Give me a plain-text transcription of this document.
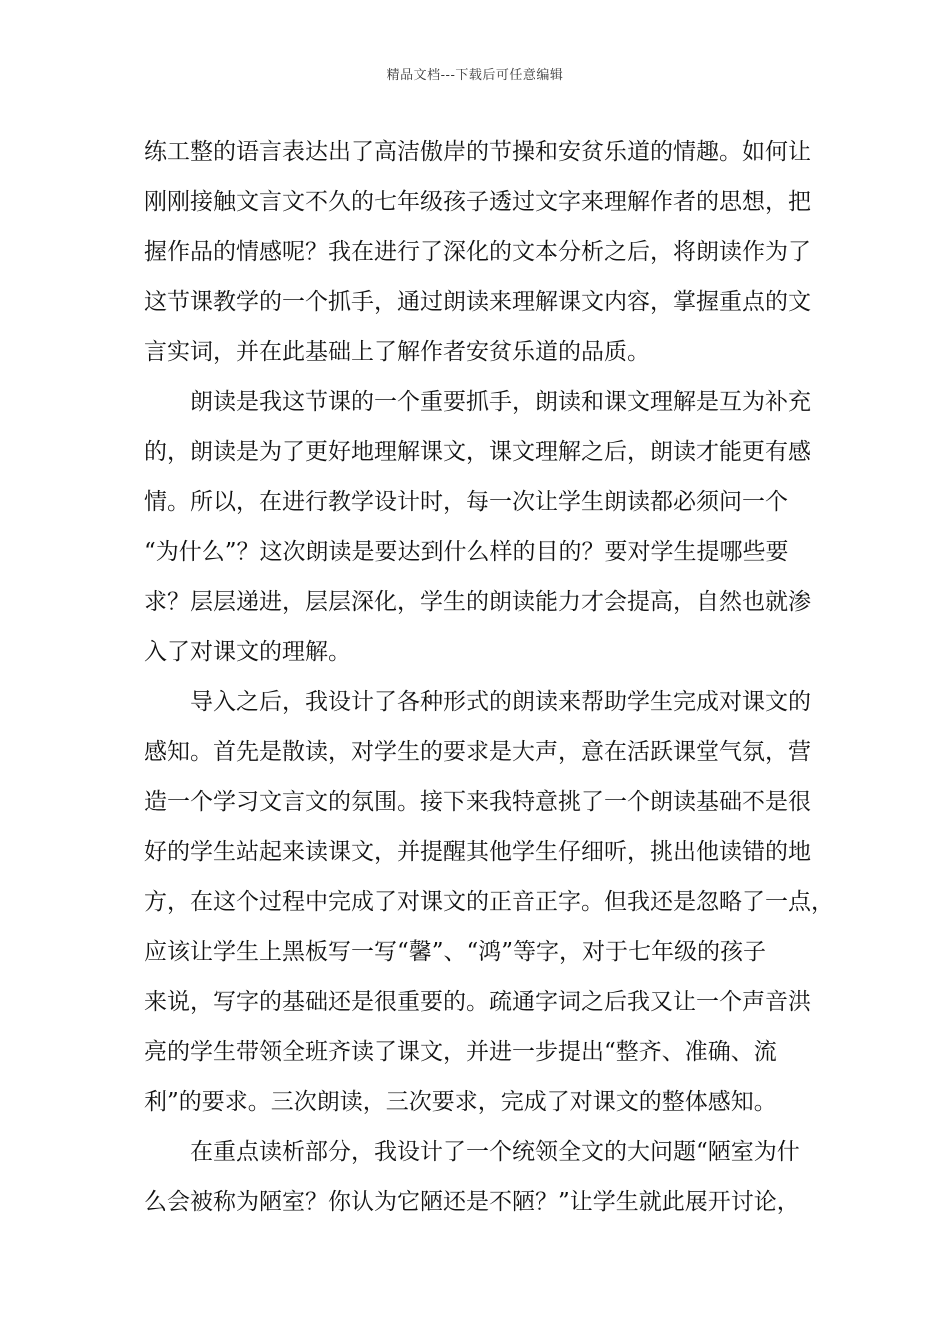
精品文档---下载后可任意编辑
练工整的语言表达出了高洁傲岸的节操和安贫乐道的情趣。如何让
刚刚接触文言文不久的七年级孩子透过文字来理解作者的思想，把
握作品的情感呢？我在进行了深化的文本分析之后，将朗读作为了
这节课教学的一个抓手，通过朗读来理解课文内容，掌握重点的文
言实词，并在此基础上了解作者安贫乐道的品质。
朗读是我这节课的一个重要抓手，朗读和课文理解是互为补充
的，朗读是为了更好地理解课文，课文理解之后，朗读才能更有感
情。所以，在进行教学设计时，每一次让学生朗读都必须问一个
“为什么”？这次朗读是要达到什么样的目的？要对学生提哪些要
求？层层递进，层层深化，学生的朗读能力才会提高，自然也就渗
入了对课文的理解。
导入之后，我设计了各种形式的朗读来帮助学生完成对课文的
感知。首先是散读，对学生的要求是大声，意在活跃课堂气氛，营
造一个学习文言文的氛围。接下来我特意挑了一个朗读基础不是很
好的学生站起来读课文，并提醒其他学生仔细听，挑出他读错的地
方，在这个过程中完成了对课文的正音正字。但我还是忽略了一点，
应该让学生上黑板写一写“馨”、“鸿”等字，对于七年级的孩子
来说，写字的基础还是很重要的。疏通字词之后我又让一个声音洪
亮的学生带领全班齐读了课文，并进一步提出“整齐、准确、流
利”的要求。三次朗读，三次要求，完成了对课文的整体感知。
在重点读析部分，我设计了一个统领全文的大问题“陋室为什
么会被称为陋室？你认为它陋还是不陋？”让学生就此展开讨论，
